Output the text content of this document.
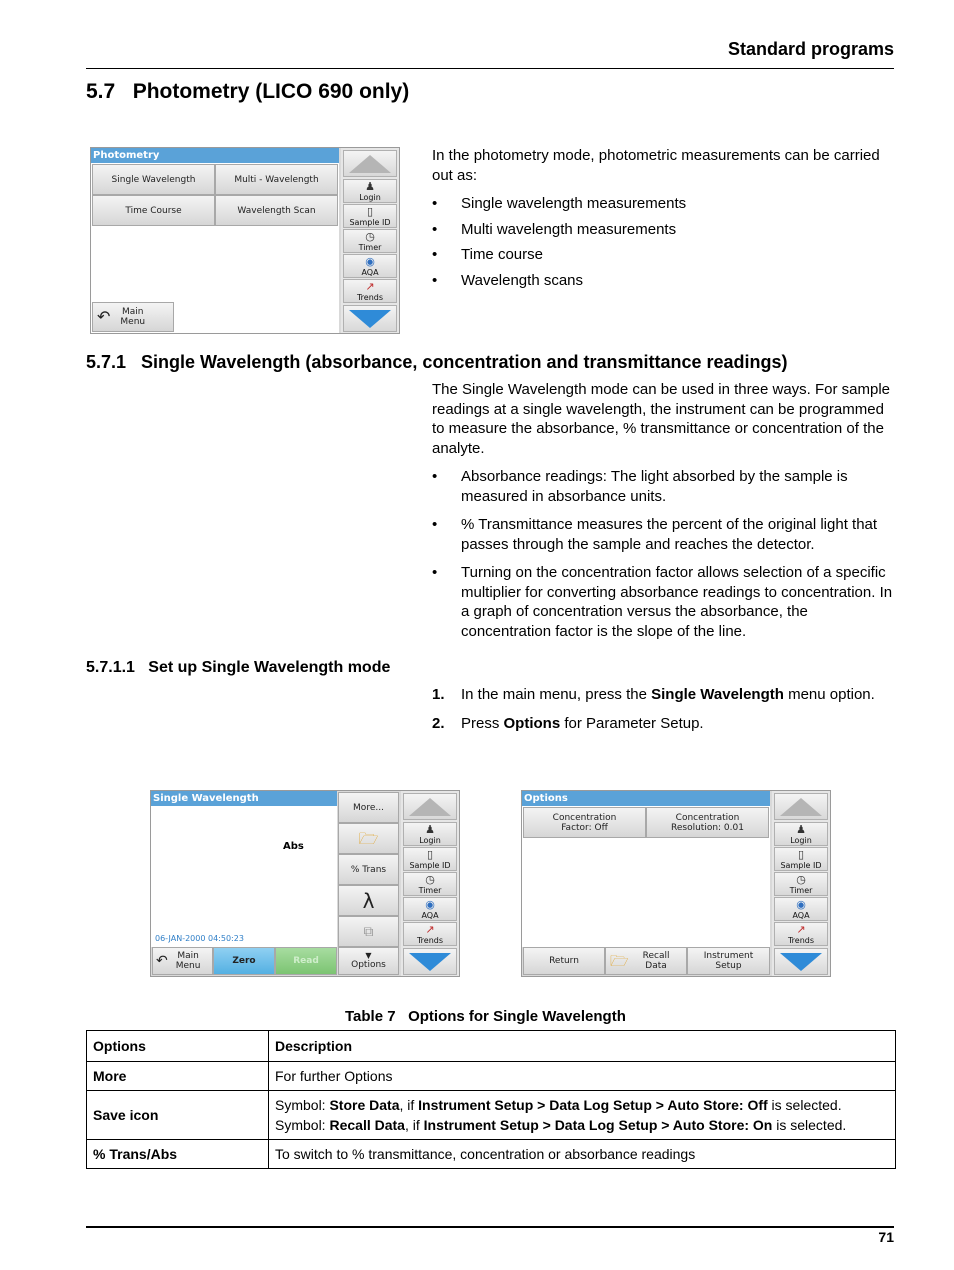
Standard programs
5.7   Photometry (LICO 690 only)
Photometry
Single Wavelength	Multi - Wavelength
Time Course	Wavelength Scan
↶ Main
Menu
♟
Login
▯
Sample ID
◷
Timer
◉
AQA
↗
Trends

In the photometry mode, photometric measurements can be carried out as:

• Single wavelength measurements
• Multi wavelength measurements
• Time course
• Wavelength scans
5.7.1   Single Wavelength (absorbance, concentration and transmittance readings)

The Single Wavelength mode can be used in three ways. For sample readings at a single wavelength, the instrument can be programmed to measure the absorbance, % transmittance or concentration of the analyte.

• Absorbance readings: The light absorbed by the sample is measured in absorbance units.
• % Transmittance measures the percent of the original light that passes through the sample and reaches the detector.
• Turning on the concentration factor allows selection of a specific multiplier for converting absorbance readings to concentration. In a graph of concentration versus the absorbance, the concentration factor is the slope of the line.
5.7.1.1   Set up Single Wavelength mode
1. In the main menu, press the Single Wavelength menu option.
2. Press Options for Parameter Setup.
Single Wavelength
Abs
06-JAN-2000 04:50:23
More...
🗁
% Trans
λ
⧉
↶ Main
Menu	Zero	Read
▼
Options
♟
Login
▯
Sample ID
◷
Timer
◉
AQA
↗
Trends
Options
Concentration
Factor: Off
Concentration
Resolution: 0.01
Return	🗁 Recall
Data
Instrument
Setup
♟
Login
▯
Sample ID
◷
Timer
◉
AQA
↗
Trends
Table 7   Options for Single Wavelength
Options	Description
More	For further Options
Save icon	Symbol: Store Data, if Instrument Setup > Data Log Setup > Auto Store: Off is selected.
Symbol: Recall Data, if Instrument Setup > Data Log Setup > Auto Store: On is selected.

% Trans/Abs	To switch to % transmittance, concentration or absorbance readings
71
